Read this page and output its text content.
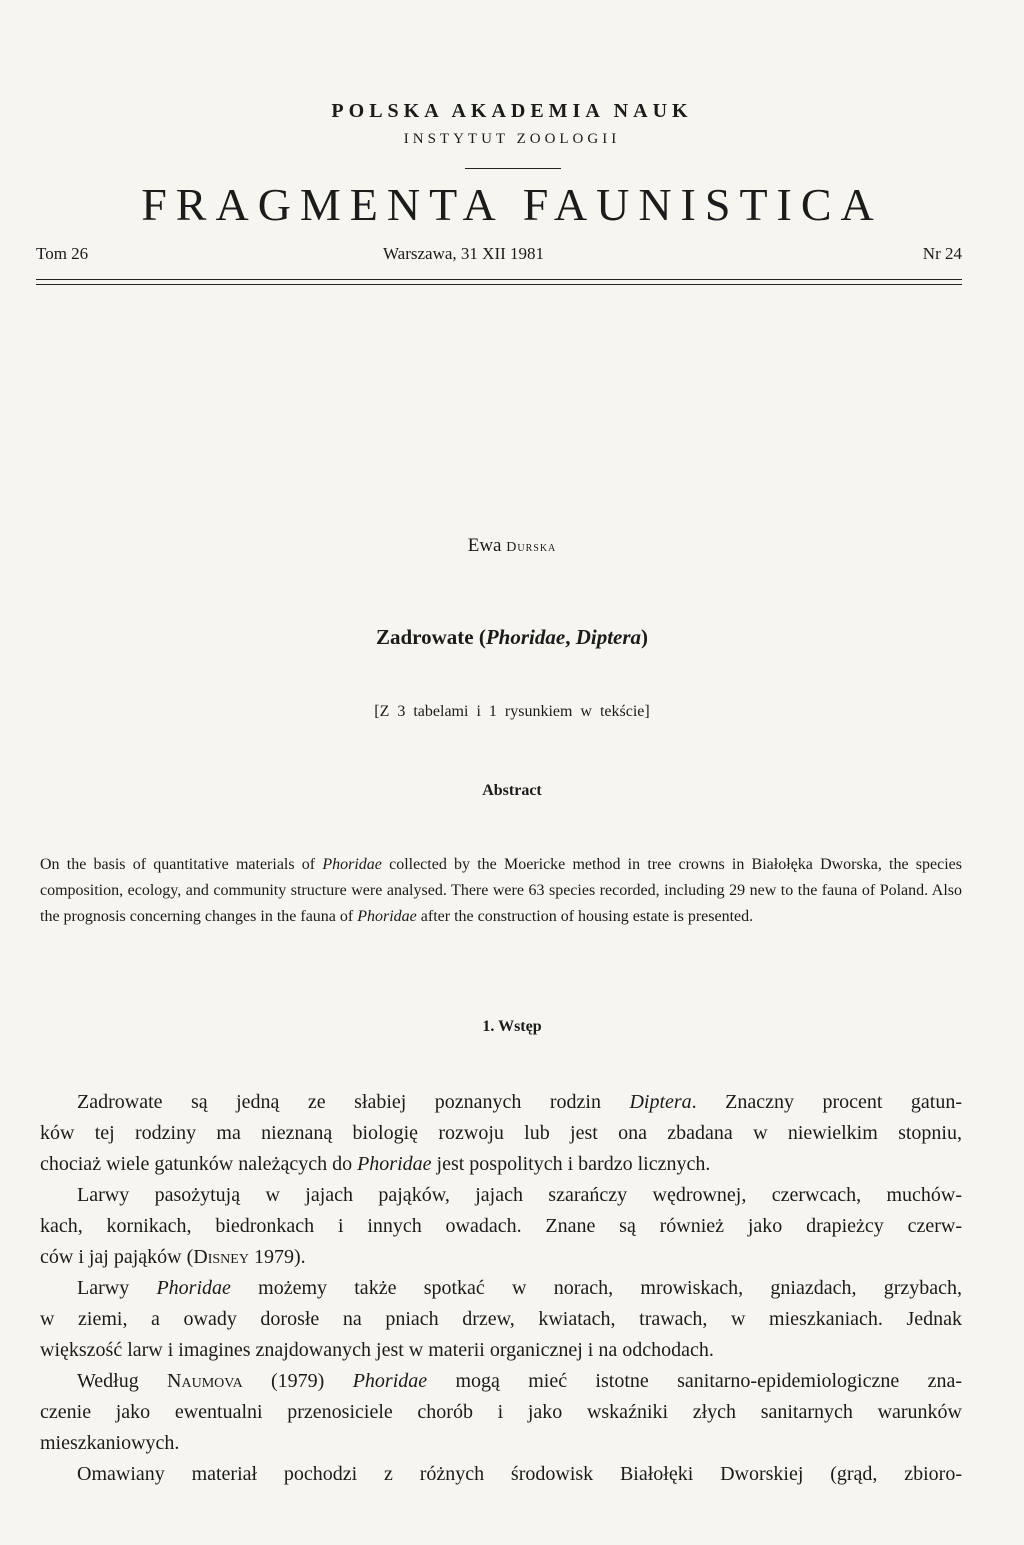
POLSKA AKADEMIA NAUK
INSTYTUT ZOOLOGII
FRAGMENTA FAUNISTICA
Tom 26	Warszawa, 31 XII 1981	Nr 24
Ewa Durska
Zadrowate (Phoridae, Diptera)
[Z 3 tabelami i 1 rysunkiem w tekście]
Abstract
On the basis of quantitative materials of Phoridae collected by the Moericke method in tree crowns in Białołęka Dworska, the species composition, ecology, and community structure were analysed. There were 63 species recorded, including 29 new to the fauna of Poland. Also the prognosis concerning changes in the fauna of Phoridae after the construction of housing estate is presented.
1. Wstęp
Zadrowate są jedną ze słabiej poznanych rodzin Diptera. Znaczny procent gatun-
ków tej rodziny ma nieznaną biologię rozwoju lub jest ona zbadana w niewielkim stopniu,
chociaż wiele gatunków należących do Phoridae jest pospolitych i bardzo licznych.
Larwy pasożytują w jajach pająków, jajach szarańczy wędrownej, czerwcach, muchów-
kach, kornikach, biedronkach i innych owadach. Znane są również jako drapieżcy czerw-
ców i jaj pająków (Disney 1979).
Larwy Phoridae możemy także spotkać w norach, mrowiskach, gniazdach, grzybach,
w ziemi, a owady dorosłe na pniach drzew, kwiatach, trawach, w mieszkaniach. Jednak
większość larw i imagines znajdowanych jest w materii organicznej i na odchodach.
Według Naumova (1979) Phoridae mogą mieć istotne sanitarno-epidemiologiczne zna-
czenie jako ewentualni przenosiciele chorób i jako wskaźniki złych sanitarnych warunków
mieszkaniowych.
Omawiany materiał pochodzi z różnych środowisk Białołęki Dworskiej (grąd, zbioro-
